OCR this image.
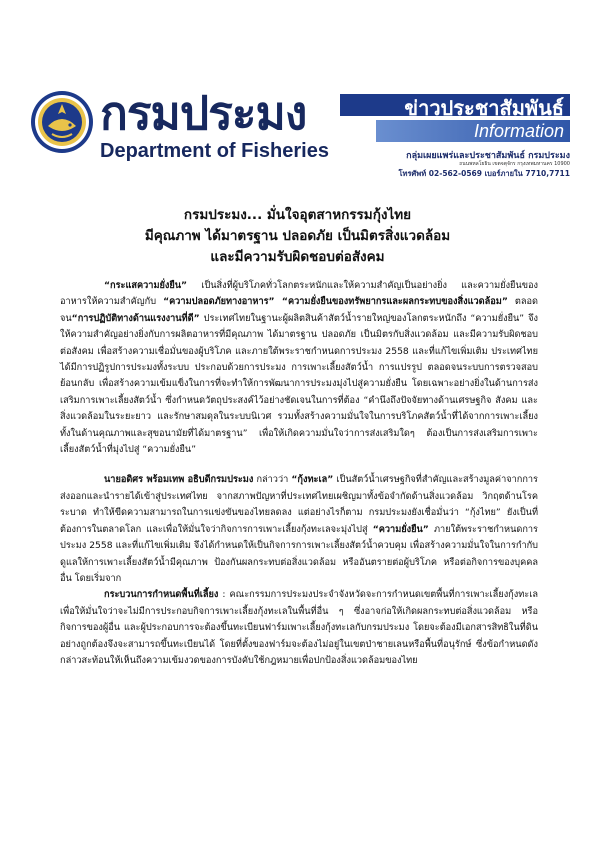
กรมประมง
Department of Fisheries
ข่าวประชาสัมพันธ์
Information
กลุ่มเผยแพร่และประชาสัมพันธ์ กรมประมง
ถนนพหลโยธิน เขตจตุจักร กรุงเทพมหานคร 10900
โทรศัพท์ 02-562-0569 เบอร์ภายใน 7710,7711
กรมประมง... มั่นใจอุตสาหกรรมกุ้งไทย
มีคุณภาพ ได้มาตรฐาน ปลอดภัย เป็นมิตรสิ่งแวดล้อม
และมีความรับผิดชอบต่อสังคม

“กระแสความยั่งยืน” เป็นสิ่งที่ผู้บริโภคทั่วโลกตระหนักและให้ความสำคัญเป็นอย่างยิ่ง และความยั่งยืนของอาหารให้ความสำคัญกับ “ความปลอดภัยทางอาหาร” “ความยั่งยืนของทรัพยากรและผลกระทบของสิ่งแวดล้อม” ตลอดจน“การปฏิบัติทางด้านแรงงานที่ดี” ประเทศไทยในฐานะผู้ผลิตสินค้าสัตว์น้ำรายใหญ่ของโลกตระหนักถึง “ความยั่งยืน” จึงให้ความสำคัญอย่างยิ่งกับการผลิตอาหารที่มีคุณภาพ ได้มาตรฐาน ปลอดภัย เป็นมิตรกับสิ่งแวดล้อม และมีความรับผิดชอบต่อสังคม เพื่อสร้างความเชื่อมั่นของผู้บริโภค และภายใต้พระราชกำหนดการประมง 2558 และที่แก้ไขเพิ่มเติม ประเทศไทยได้มีการปฏิรูปการประมงทั้งระบบ ประกอบด้วยการประมง การเพาะเลี้ยงสัตว์น้ำ การแปรรูป ตลอดจนระบบการตรวจสอบย้อนกลับ เพื่อสร้างความเข้มแข็งในการที่จะทำให้การพัฒนาการประมงมุ่งไปสู่ความยั่งยืน โดยเฉพาะอย่างยิ่งในด้านการส่งเสริมการเพาะเลี้ยงสัตว์น้ำ ซึ่งกำหนดวัตถุประสงค์ไว้อย่างชัดเจนในการที่ต้อง “คำนึงถึงปัจจัยทางด้านเศรษฐกิจ สังคม และสิ่งแวดล้อมในระยะยาว และรักษาสมดุลในระบบนิเวศ รวมทั้งสร้างความมั่นใจในการบริโภคสัตว์น้ำที่ได้จากการเพาะเลี้ยง ทั้งในด้านคุณภาพและสุขอนามัยที่ได้มาตรฐาน” เพื่อให้เกิดความมั่นใจว่าการส่งเสริมใดๆ ต้องเป็นการส่งเสริมการเพาะเลี้ยงสัตว์น้ำที่มุ่งไปสู่ “ความยั่งยืน”

นายอดิศร พร้อมเทพ อธิบดีกรมประมง กล่าวว่า “กุ้งทะเล” เป็นสัตว์น้ำเศรษฐกิจที่สำคัญและสร้างมูลค่าจากการส่งออกและนำรายได้เข้าสู่ประเทศไทย จากสภาพปัญหาที่ประเทศไทยเผชิญมาทั้งข้อจำกัดด้านสิ่งแวดล้อม วิกฤตด้านโรคระบาด ทำให้ขีดความสามารถในการแข่งขันของไทยลดลง แต่อย่างไรก็ตาม กรมประมงยังเชื่อมั่นว่า “กุ้งไทย” ยังเป็นที่ต้องการในตลาดโลก และเพื่อให้มั่นใจว่ากิจการการเพาะเลี้ยงกุ้งทะเลจะมุ่งไปสู่ “ความยั่งยืน” ภายใต้พระราชกำหนดการประมง 2558 และที่แก้ไขเพิ่มเติม จึงได้กำหนดให้เป็นกิจการการเพาะเลี้ยงสัตว์น้ำควบคุม เพื่อสร้างความมั่นใจในการกำกับดูแลให้การเพาะเลี้ยงสัตว์น้ำมีคุณภาพ ป้องกันผลกระทบต่อสิ่งแวดล้อม หรืออันตรายต่อผู้บริโภค หรือต่อกิจการของบุคคลอื่น โดยเริ่มจาก

กระบวนการกำหนดพื้นที่เลี้ยง : คณะกรรมการประมงประจำจังหวัดจะการกำหนดเขตพื้นที่การเพาะเลี้ยงกุ้งทะเล เพื่อให้มั่นใจว่าจะไม่มีการประกอบกิจการเพาะเลี้ยงกุ้งทะเลในพื้นที่อื่น ๆ ซึ่งอาจก่อให้เกิดผลกระทบต่อสิ่งแวดล้อม หรือกิจการของผู้อื่น และผู้ประกอบการจะต้องขึ้นทะเบียนฟาร์มเพาะเลี้ยงกุ้งทะเลกับกรมประมง โดยจะต้องมีเอกสารสิทธิในที่ดินอย่างถูกต้องจึงจะสามารถขึ้นทะเบียนได้ โดยที่ตั้งของฟาร์มจะต้องไม่อยู่ในเขตป่าชายเลนหรือพื้นที่อนุรักษ์ ซึ่งข้อกำหนดดังกล่าวสะท้อนให้เห็นถึงความเข้มงวดของการบังคับใช้กฎหมายเพื่อปกป้องสิ่งแวดล้อมของไทย
